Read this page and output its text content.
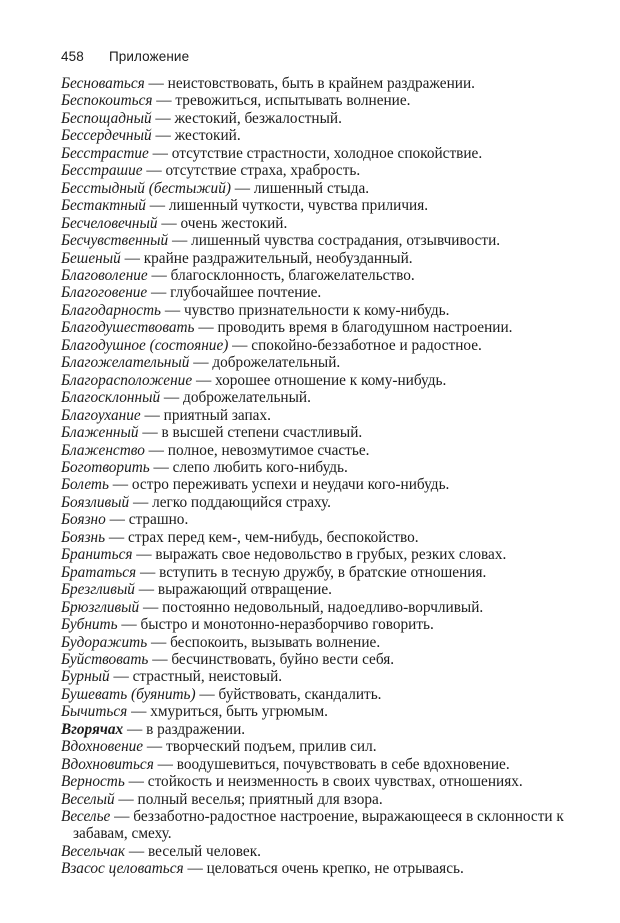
458 Приложение
Бесноваться — неистовствовать, быть в крайнем раздражении.
Беспокоиться — тревожиться, испытывать волнение.
Беспощадный — жестокий, безжалостный.
Бессердечный — жестокий.
Бесстрастие — отсутствие страстности, холодное спокойствие.
Бесстрашие — отсутствие страха, храбрость.
Бесстыдный (бестыжий) — лишенный стыда.
Бестактный — лишенный чуткости, чувства приличия.
Бесчеловечный — очень жестокий.
Бесчувственный — лишенный чувства сострадания, отзывчивости.
Бешеный — крайне раздражительный, необузданный.
Благоволение — благосклонность, благожелательство.
Благоговение — глубочайшее почтение.
Благодарность — чувство признательности к кому-нибудь.
Благодушествовать — проводить время в благодушном настроении.
Благодушное (состояние) — спокойно-беззаботное и радостное.
Благожелательный — доброжелательный.
Благорасположение — хорошее отношение к кому-нибудь.
Благосклонный — доброжелательный.
Благоухание — приятный запах.
Блаженный — в высшей степени счастливый.
Блаженство — полное, невозмутимое счастье.
Боготворить — слепо любить кого-нибудь.
Болеть — остро переживать успехи и неудачи кого-нибудь.
Боязливый — легко поддающийся страху.
Боязно — страшно.
Боязнь — страх перед кем-, чем-нибудь, беспокойство.
Браниться — выражать свое недовольство в грубых, резких словах.
Брататься — вступить в тесную дружбу, в братские отношения.
Брезгливый — выражающий отвращение.
Брюзгливый — постоянно недовольный, надоедливо-ворчливый.
Бубнить — быстро и монотонно-неразборчиво говорить.
Будоражить — беспокоить, вызывать волнение.
Буйствовать — бесчинствовать, буйно вести себя.
Бурный — страстный, неистовый.
Бушевать (буянить) — буйствовать, скандалить.
Бычиться — хмуриться, быть угрюмым.
Вгорячах — в раздражении.
Вдохновение — творческий подъем, прилив сил.
Вдохновиться — воодушевиться, почувствовать в себе вдохновение.
Верность — стойкость и неизменность в своих чувствах, отношениях.
Веселый — полный веселья; приятный для взора.
Веселье — беззаботно-радостное настроение, выражающееся в склонности к забавам, смеху.
Весельчак — веселый человек.
Взасос целоваться — целоваться очень крепко, не отрываясь.
